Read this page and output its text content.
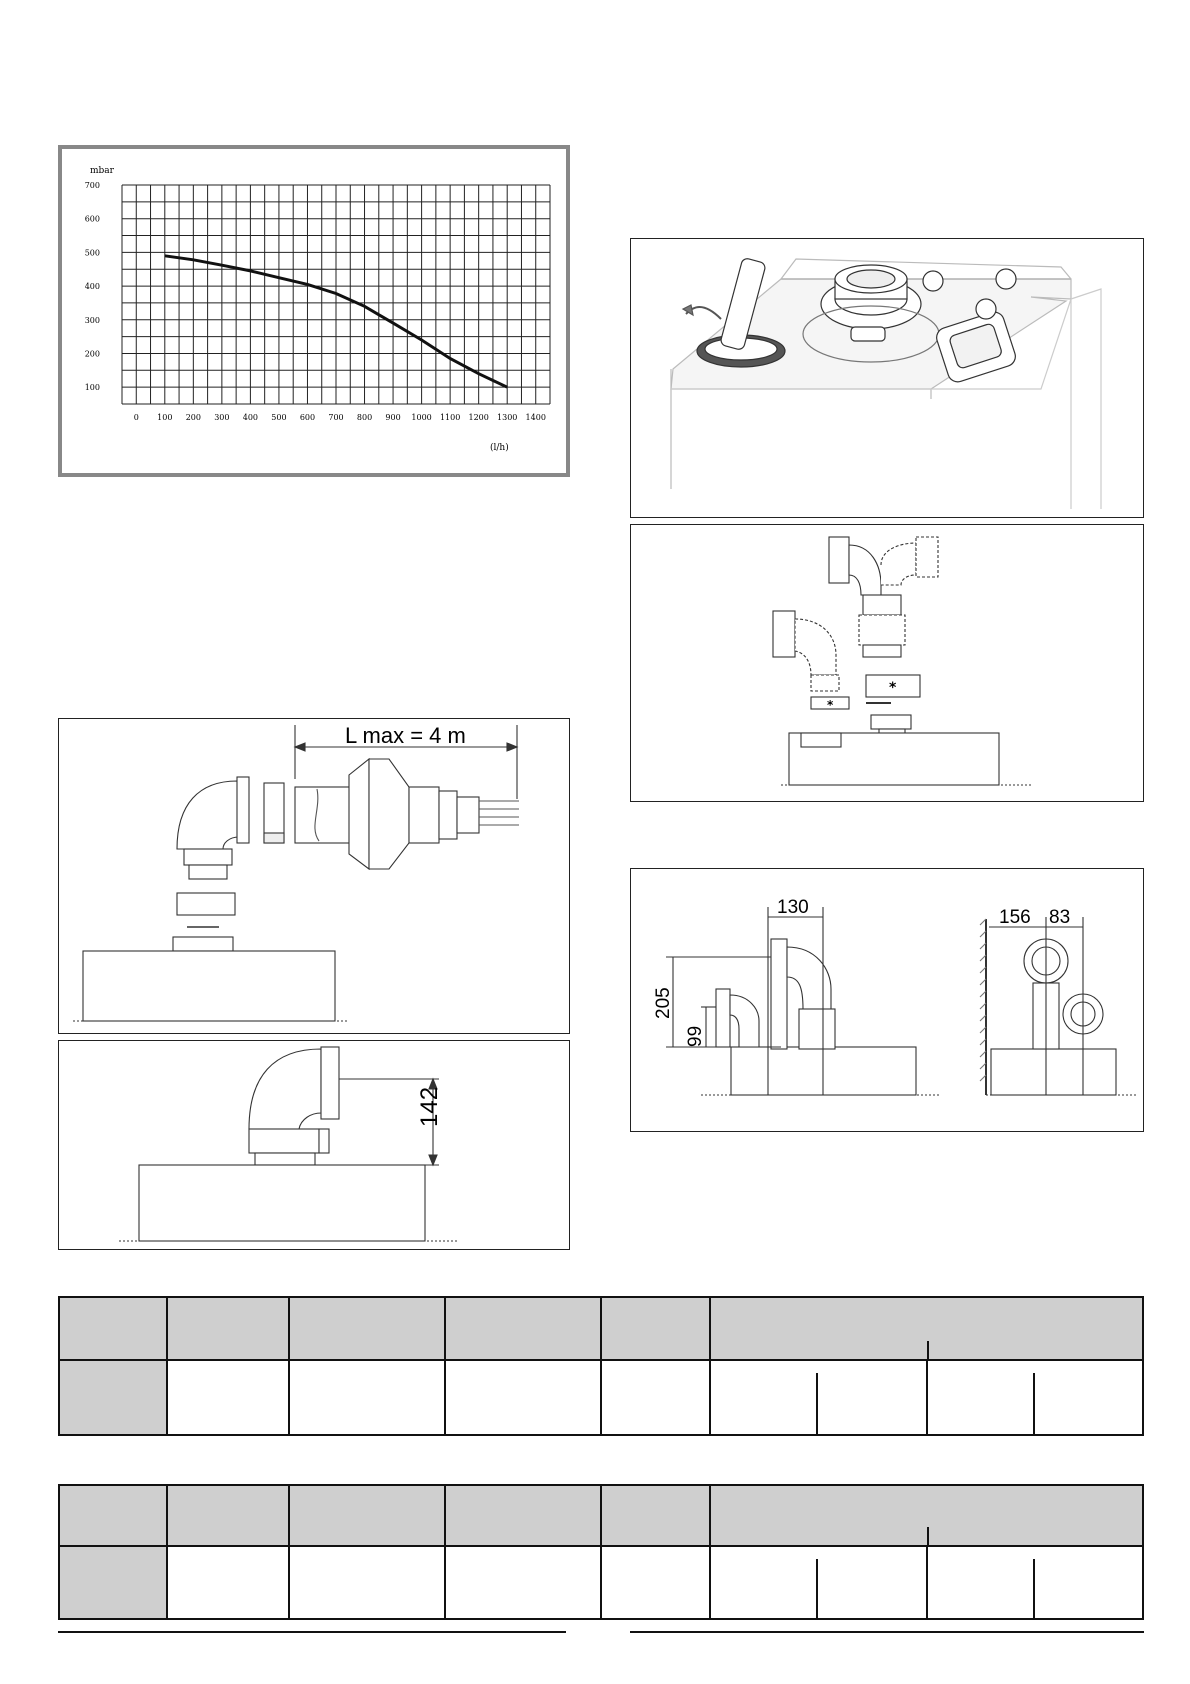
0 100 200 300 400 500 600 700 800 900 1000 1100 1200 1300 1400
100
200
300
400
500
600
700
mbar
(l/h)
*
*
130	156 83
205
99
L max = 4 m
142
